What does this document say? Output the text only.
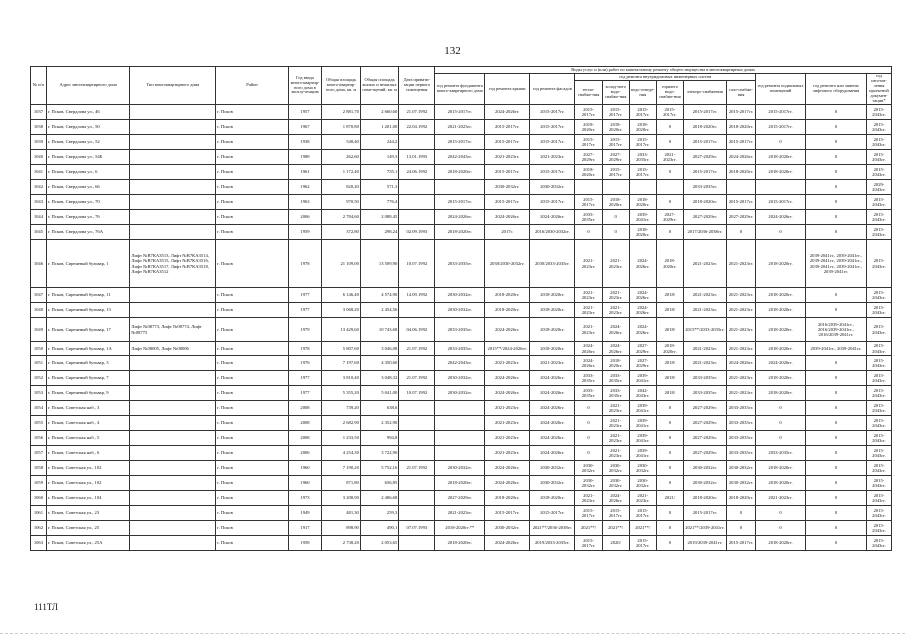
132
№ п/п	Адрес многоквартирного дома	Тип многоквартирного дома	Район	Год ввода много-квартир-ного дома в эксплу-атацию	Общая площадь много-квартир-ного дома, кв. м	Общая площадь жилых и нежилых поме-щений, кв. м	Дата привати-зации первого помещения	Виды услуг и (или) работ по капитальному ремонту общего имущества в многоквартирных домах											
								год ремонта фундамента много-квартирного дома	год ремонта крыши	год ремонта фасадов	год ремонта внутридомовых инженерных систем						год ремонта подвальных помещений	год ремонта или замены лифтового оборудования	год изготов-ления проектной докумен-тации*
											тепло-снабже-ния	холод-ного водо-снабже-ния	водо-отведе-ния	горячего водо-снабже-ния	электро-снабжения	газо-снабже-ния			
1037	г. Псков, Свердлова ул., 46		г. Псков	1957	2 881,70	2 660,60	21.07.1992	2015-2017гг.	2024-2026гг.	2015-2017гг.	2015-2017гг.	2015-2017гг.	2015-2017гг.	2015-2017гг.	2015-2017гг.	2015-2017гг.	2015-2017гг.	0	2015-2043гг.
1038	г. Псков, Свердлова ул., 50		г. Псков	1967	1 870,80	1 201,00	22.04.1992	2021-2023гг.	2015-2017гг.	2015-2017гг.	2018-2020гг.	2018-2020гг.	2018-2020гг.	0	2018-2020гг.	2018-2020гг.	2015-2017гг.	0	2015-2043гг.
1039	г. Псков, Свердлова ул., 52		г. Псков	1938	548,40	244,2		2015-2017гг.	2015-2017гг.	2015-2017гг.	2015-2017гг.	2015-2017гг.	2015-2017гг.	0	2015-2017гг.	2015-2017гг.	0	0	2015-2043гг.
1040	г. Псков, Свердлова ул., 54Б		г. Псков	1988	262,60	149,3	13.01.1993	2042-2043гг.	2021-2023гг.	2021-2023гг.	2027-2029гг.	2027-2029гг.	2033-2035гг.	2021-2023гг.	2027-2029гг.	2024-2026гг.	2018-2020гг.	0	2015-2043гг.
1041	г. Псков, Свердлова ул., 6		г. Псков	1961	1 172,40	755,1	24.06.1992	2018-2020гг.	2015-2017гг.	2015-2017гг.	2018-2020гг.	2015-2017гг.	2015-2017гг.	0	2015-2017гг.	2018-2020гг.	2018-2020гг.	0	2015-2043гг.
1042	г. Псков, Свердлова ул., 66		г. Псков	1962	820,20	571,3			2030-2032гг.	2030-2032гг.					2033-2035гг.			0	2029-2043гг.
1043	г. Псков, Свердлова ул., 70		г. Псков	1963	970,50	776,4		2015-2017гг.	2015-2017гг.	2015-2017гг.	2015-2017гг.	2018-2020гг.	2018-2020гг.	0	2018-2020гг.	2015-2017гг.	2015-2017гг.	0	2015-2043гг.
1044	г. Псков, Свердлова ул., 76		г. Псков	2006	2 784,60	2 088,45		2024-2026гг.	2024-2026гг.	2024-2026гг.	2033-2035гг.	0	2039-2041гг.	2027-2029гг.	2027-2029гг.	2027-2029гг.	2024-2026гг.	0	2015-2043гг.
1045	г. Псков, Свердлова ул., 76А		г. Псков	1959	372,80	298,24	02.09.1993	2018-2020гг.	2017г.	2016/2030-2032гг.	0	0	2018-2020гг.	0	2017/2036-2038гг.	0	0	0	2015-2043гг.
1046	г. Псков, Сиреневый бульвар, 1	Лифт №В7КА3513, Лифт №В7КА3514, Лифт №В7КА3515, Лифт №В7КА3516, Лифт №В7КА3517, Лифт №В7КА3518, Лифт №В7КА3512	г. Псков	1978	21 109,00	13 509,90	10.07.1992	2033-2035гг.	2030/2030-2032гг.	2030/2033-2035гг.	2021-2023гг.	2021-2023гг.	2024-2026гг.	2018-2020гг.	2021-2023гг.	2021-2023гг.	2018-2020гг.	2039-2041гг., 2039-2041гг., 2039-2041гг., 2039-2041гг., 2039-2041гг., 2039-2041гг., 2039-2041гг.	2015-2043гг.
1047	г. Псков, Сиреневый бульвар, 11		г. Псков	1977	6 146,40	4 574,90	14.09.1992	2030-2032гг.	2018-2020гг.	2018-2020гг.	2021-2023гг.	2021-2023гг.	2024-2026гг.	2018/	2021-2023гг.	2021-2023гг.	2018-2020гг.	0	2015-2043гг.
1048	г. Псков, Сиреневый бульвар, 13		г. Псков	1977	3 068,20	2 454,56		2030-2032гг.	2018-2020гг.	2018-2020гг.	2021-2023гг.	2021-2023гг.	2024-2026гг.	2018/	2021-2023гг.	2021-2023гг.	2018-2020гг.	0	2015-2043гг.
1049	г. Псков, Сиреневый бульвар, 17	Лифт №08773, Лифт №08774, Лифт №08775	г. Псков	1979	13 429,60	10 743,68	04.06.1992	2033-2035гг.	2024-2026гг.	2018-2020гг.	2021-2023гг.	2024-2026гг.	2024-2026гг.	2018/	2015**/2033-2035гг.	2021-2023гг.	2018-2020гг.	2016/2039-2041гг., 2016/2039-2041гг., 2016/2039-2041гг.	2015-2043гг.
1050	г. Псков, Сиреневый бульвар, 1А	Лифт №08005, Лифт №08006	г. Псков	1978	5 807,60	3 046,08	21.07.1992	2033-2035гг.	2015**/2024-2026гг.	2018-2020гг.	2024-2026гг.	2024-2026гг.	2027-2029гг.	2018-2020гг.	2021-2023гг.	2021-2023гг.	2018-2020гг.	2039-2041гг., 2039-2041гг.	2015-2043гг.
1051	г. Псков, Сиреневый бульвар, 3		г. Псков	1976	7 197,60	4 350,60		2042-2043гг.	2021-2023гг.	2021-2023гг.	2024-2026гг.	2018-2020гг.	2027-2029гг.	2018/	2021-2023гг.	2024-2026гг.	2024-2026гг.	0	2015-2043гг.
1052	г. Псков, Сиреневый бульвар, 7		г. Псков	1977	3 810,40	3 048,32	21.07.1992	2030-2032гг.	2024-2026гг.	2024-2026гг.	2033-2035гг.	2033-2035гг.	2039-2041гг.	2018/	2033-2035гг.	2021-2023гг.	2018-2020гг.	0	2015-2043гг.
1053	г. Псков, Сиреневый бульвар, 9		г. Псков	1977	5 355,20	5 041,00	10.07.1992	2030-2032гг.	2024-2026гг.	2024-2026гг.	2033-2035гг.	2033-2035гг.	2042-2043гг.	2018/	2033-2035гг.	2021-2023гг.	2018-2020гг.	0	2015-2043гг.
1054	г. Псков, Советская наб., 3		г. Псков	2008	739,20	638,6			2021-2023гг.	2024-2026гг.	0	2021-2023гг.	2039-2041гг.	0	2027-2029гг.	2033-2035гг.	0	0	2015-2043гг.
1055	г. Псков, Советская наб., 4		г. Псков	2008	2 682,90	2 352,90			2021-2023гг.	2024-2026гг.	0	2021-2023гг.	2039-2041гг.	0	2027-2029гг.	2033-2035гг.	0	0	2015-2043гг.
1056	г. Псков, Советская наб., 5		г. Псков	2008	1 233,50	994,8			2021-2023гг.	2024-2026гг.	0	2021-2023гг.	2039-2041гг.	0	2027-2029гг.	2033-2035гг.	0	0	2015-2043гг.
1057	г. Псков, Советская наб., 6		г. Псков	2006	4 254,30	3 722,90			2021-2023гг.	2024-2026гг.	0	2021-2023гг.	2039-2041гг.	0	2027-2029гг.	2033-2035гг.	2033-2035гг.	0	2015-2043гг.
1058	г. Псков, Советская ул., 102		г. Псков	1960	7 190,20	5 752,16	21.07.1992	2030-2032гг.	2024-2026гг.	2030-2032гг.	2030-2032гг.	2030-2032гг.	2030-2032гг.	0	2030-2032гг.	2030-2032гг.	2018-2020гг.	0	2015-2043гг.
1059	г. Псков, Советская ул., 102		г. Псков	1960	871,80	656,85		2018-2020гг.	2024-2026гг.	2030-2032гг.	2030-2032гг.	2030-2032гг.	2030-2032гг.	0	2030-2032гг.	2030-2032гг.	2018-2020гг.	0	2015-2043гг.
1060	г. Псков, Советская ул., 104		г. Псков	1973	3 208,90	2 406,68		2027-2029гг.	2018-2020гг.	2018-2020гг.	2021-2023гг.	2024-2026гг.	2021-2023гг.	2021/	2018-2020гг.	2018-2020гг.	2021-2023гг.	0	2015-2043гг.
1061	г. Псков, Советская ул., 23		г. Псков	1949	481,30	259,3		2021-2023гг.	2015-2017гг.	2015-2017гг.	2015-2017гг.	2015-2017гг.	2015-2017гг.	0	2015-2017гг.	0	0	0	2015-2043гг.
1062	г. Псков, Советская ул., 25		г. Псков	1917	898,90	490,1	07.07.1993	2018-2020гг.**	2030-2032гг.	2021**/2036-2038гг.	2021**/	2021**/	2021**/	0	2021**/2039-2041гг.	0	0	0	2015-2043гг.
1063	г. Псков, Советская ул., 25А		г. Псков	1958	2 738,20	2 053,65		2018-2020гг.	2024-2026гг.	2019/2033-2035гг.	2015-2017гг.	2020/	2015-2017гг.	0	2019/2039-2041гг.	2015-2017гг.	2018-2020гг.	0	2015-2043гг.
111ТЛ
